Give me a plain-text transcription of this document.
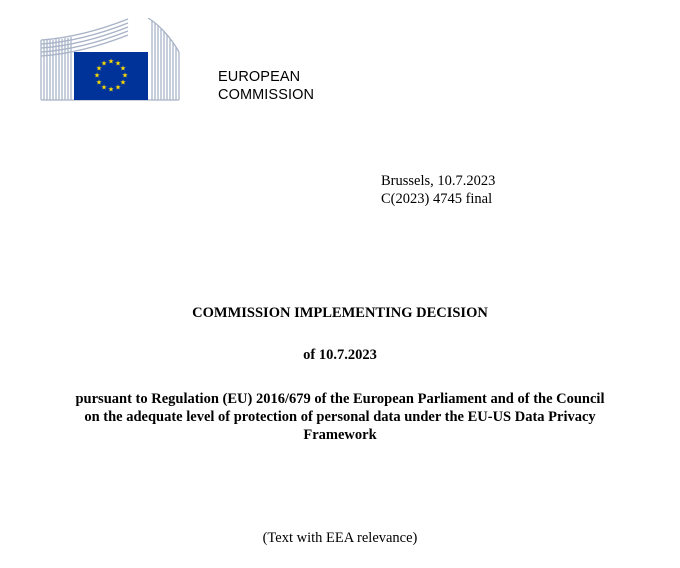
★ ★
★
★
★
★
★
★
★
★
★
★
EUROPEAN
COMMISSION
Brussels, 10.7.2023
C(2023) 4745 final
COMMISSION IMPLEMENTING DECISION
of 10.7.2023
pursuant to Regulation (EU) 2016/679 of the European Parliament and of the Council
on the adequate level of protection of personal data under the EU-US Data Privacy
Framework
(Text with EEA relevance)
